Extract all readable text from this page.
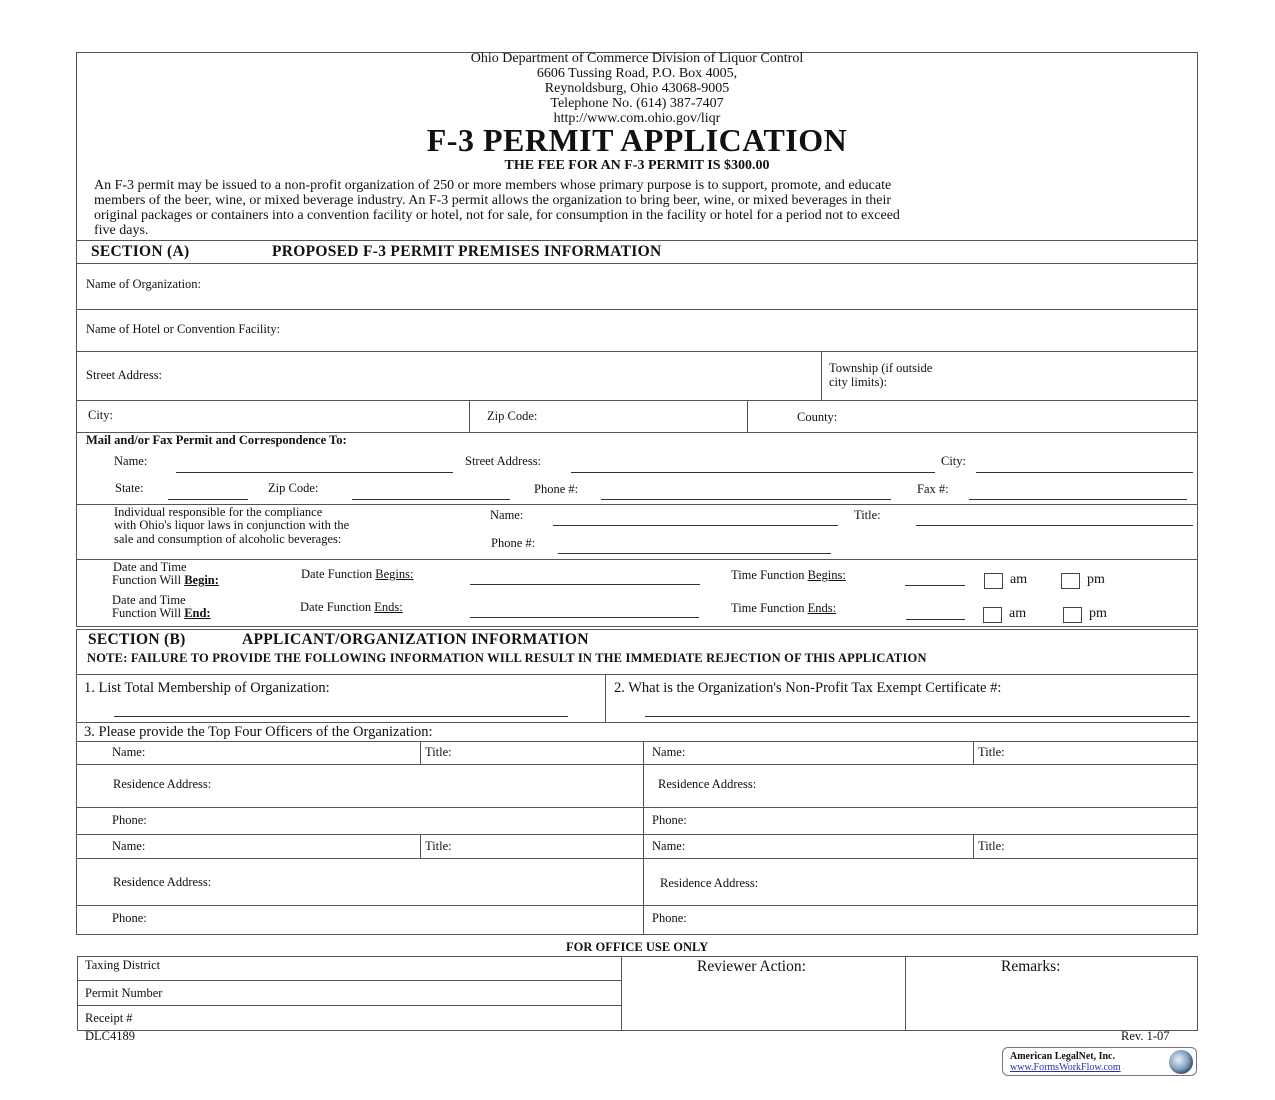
Ohio Department of Commerce Division of Liquor Control
6606 Tussing Road, P.O. Box 4005,
Reynoldsburg, Ohio 43068-9005
Telephone No. (614) 387-7407
http://www.com.ohio.gov/liqr
F-3 PERMIT APPLICATION
THE FEE FOR AN F-3 PERMIT IS $300.00
An F-3 permit may be issued to a non-profit organization of 250 or more members whose primary purpose is to support, promote, and educate
members of the beer, wine, or mixed beverage industry. An F-3 permit allows the organization to bring beer, wine, or mixed beverages in their
original packages or containers into a convention facility or hotel, not for sale, for consumption in the facility or hotel for a period not to exceed
five days.
SECTION (A)	PROPOSED F-3 PERMIT PREMISES INFORMATION
Name of Organization:
Name of Hotel or Convention Facility:
Street Address:	Township (if outside
city limits):
City:	Zip Code:	County:
Mail and/or Fax Permit and Correspondence To:
Name:	Street Address:	City:
State:	Zip Code:	Phone #:	Fax #:
Individual responsible for the compliance
with Ohio's liquor laws in conjunction with the
sale and consumption of alcoholic beverages:
Name:	Title:
Phone #:
Date and Time
Function Will Begin:	Date Function Begins:	Time Function Begins:	am	pm
Date and Time
Function Will End:	Date Function Ends:	Time Function Ends:	am	pm
SECTION (B)	APPLICANT/ORGANIZATION INFORMATION
NOTE: FAILURE TO PROVIDE THE FOLLOWING INFORMATION WILL RESULT IN THE IMMEDIATE REJECTION OF THIS APPLICATION
1. List Total Membership of Organization:	2. What is the Organization's Non-Profit Tax Exempt Certificate #:
3. Please provide the Top Four Officers of the Organization:
Name:	Title:
Residence Address:
Phone:
Name:	Title:
Residence Address:
Phone:
Name:	Title:
Residence Address:
Phone:
Name:	Title:
Residence Address:
Phone:
FOR OFFICE USE ONLY
Taxing District
Permit Number
Receipt #
Reviewer Action:	Remarks:
DLC4189	Rev. 1-07
American LegalNet, Inc.
www.FormsWorkFlow.com
